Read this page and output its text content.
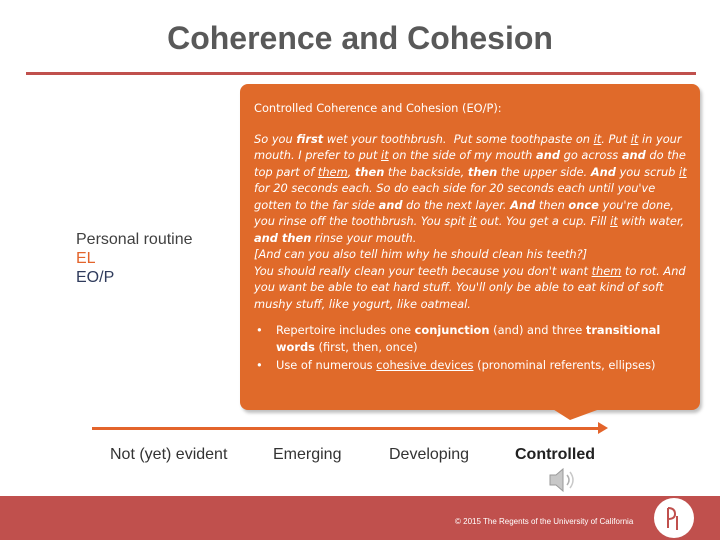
Coherence and Cohesion
Personal routine
EL
EO/P
Controlled Coherence and Cohesion (EO/P):
So you first wet your toothbrush.  Put some toothpaste on it. Put it in your mouth. I prefer to put it on the side of my mouth and go across and do the top part of them, then the backside, then the upper side. And you scrub it for 20 seconds each. So do each side for 20 seconds each until you've gotten to the far side and do the next layer. And then once you're done, you rinse off the toothbrush. You spit it out. You get a cup. Fill it with water, and then rinse your mouth.
[And can you also tell him why he should clean his teeth?]
You should really clean your teeth because you don't want them to rot. And you want be able to eat hard stuff. You'll only be able to eat kind of soft mushy stuff, like yogurt, like oatmeal.
• Repertoire includes one conjunction (and) and three transitional words (first, then, once)
• Use of numerous cohesive devices (pronominal referents, ellipses)
Not (yet) evident	Emerging	Developing	Controlled
© 2015 The Regents of the University of California
